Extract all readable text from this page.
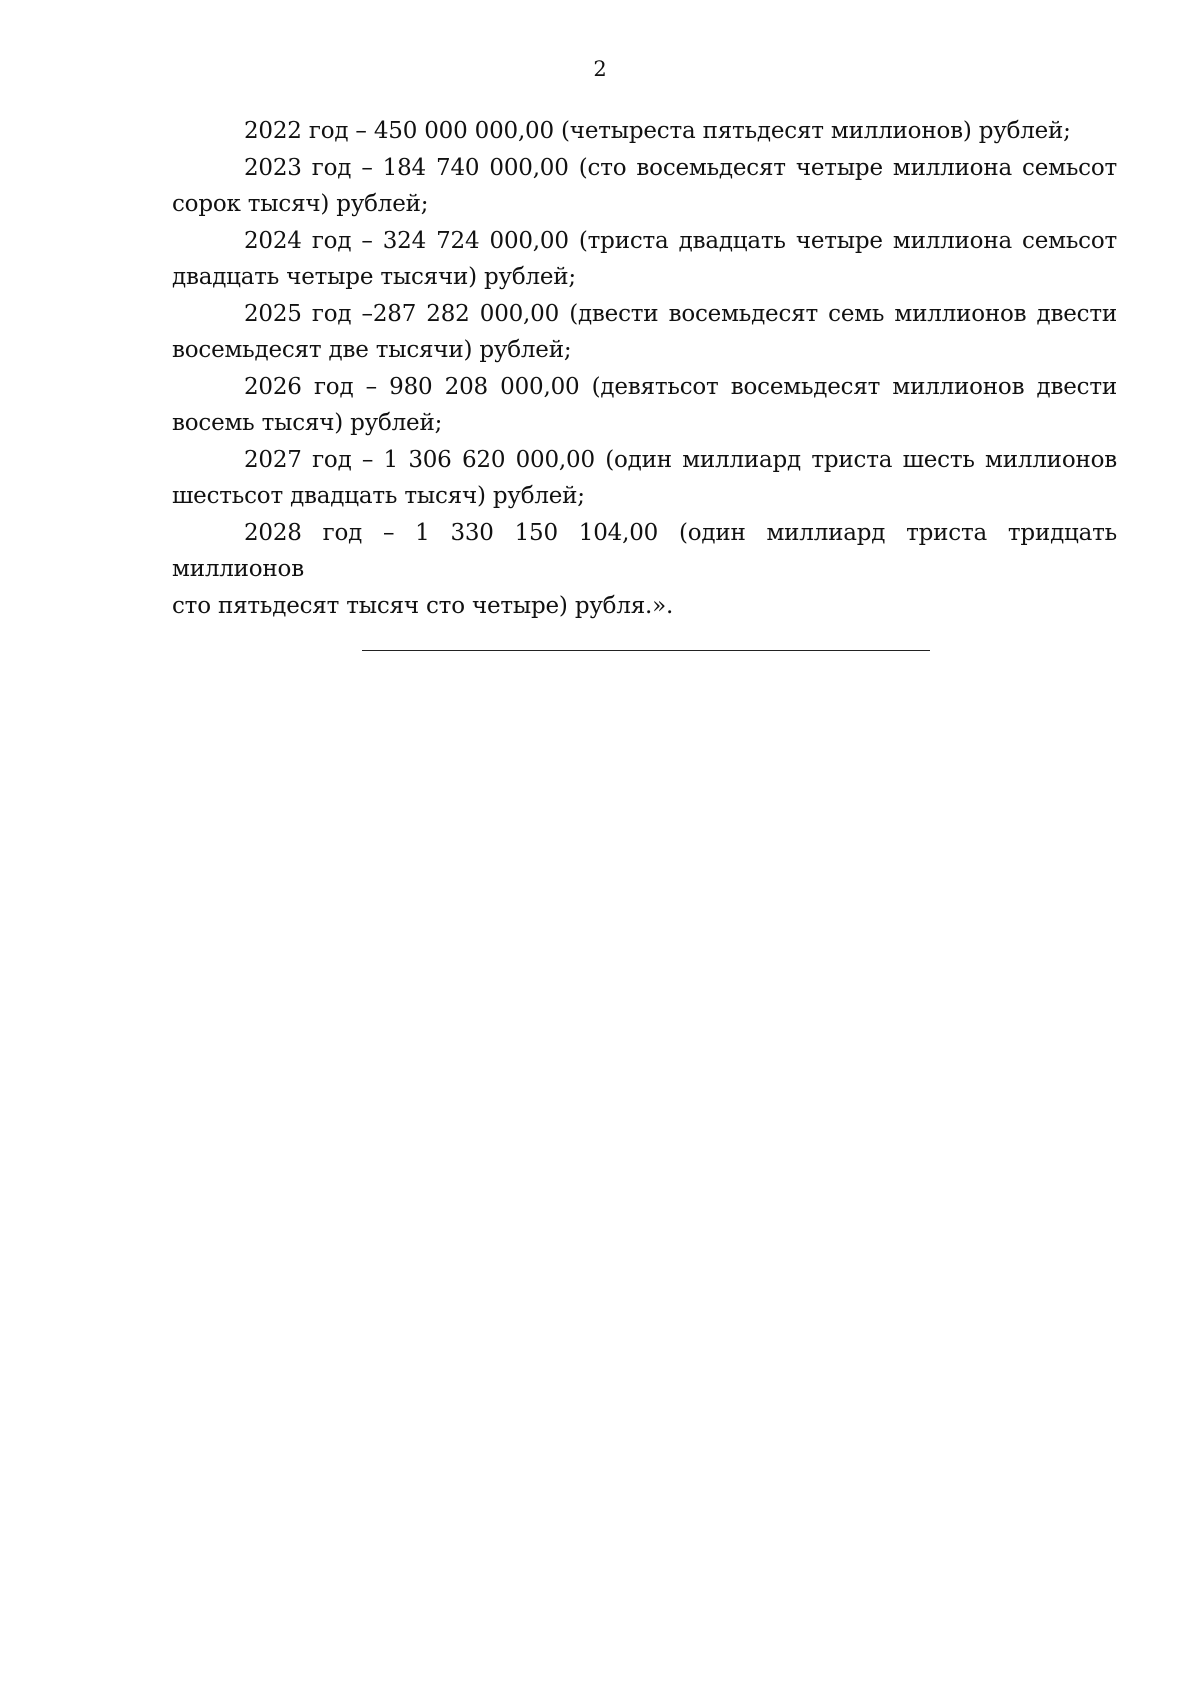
2

2022 год – 450 000 000,00 (четыреста пятьдесят миллионов) рублей;

2023 год – 184 740 000,00 (сто восемьдесят четыре миллиона семьсот
сорок тысяч) рублей;

2024 год – 324 724 000,00 (триста двадцать четыре миллиона семьсот
двадцать четыре тысячи) рублей;

2025 год –287 282 000,00 (двести восемьдесят семь миллионов двести
восемьдесят две тысячи) рублей;

2026 год – 980 208 000,00 (девятьсот восемьдесят миллионов двести
восемь тысяч) рублей;

2027 год – 1 306 620 000,00 (один миллиард триста шесть миллионов
шестьсот двадцать тысяч) рублей;

2028 год – 1 330 150 104,00 (один миллиард триста тридцать миллионов
сто пятьдесят тысяч сто четыре) рубля.».
